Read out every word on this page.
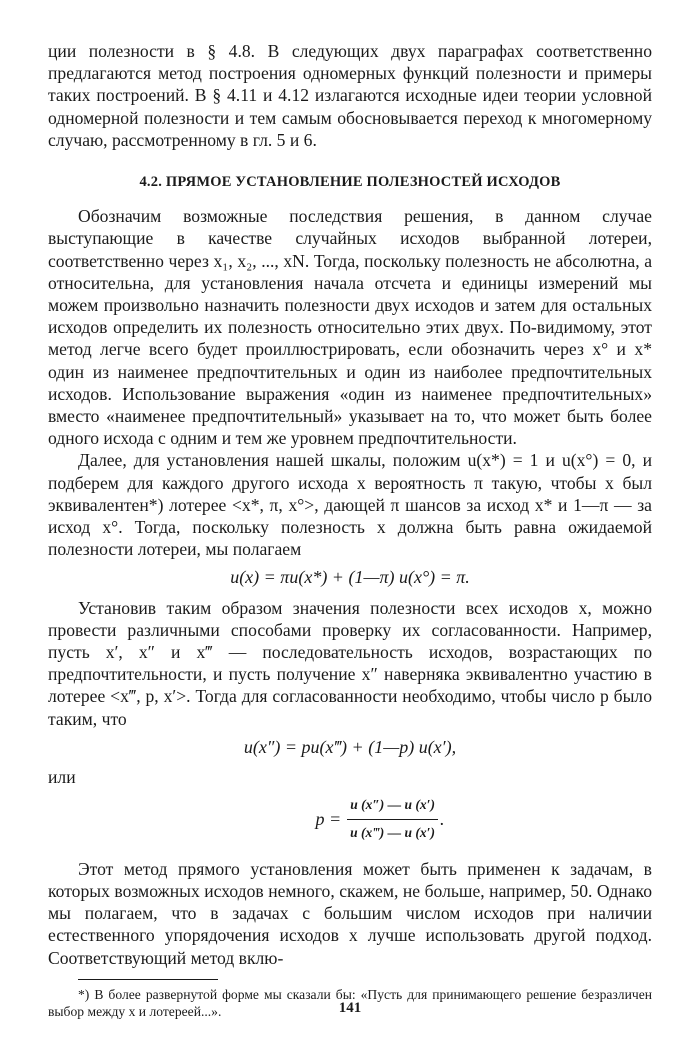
ции полезности в § 4.8. В следующих двух параграфах соответственно предлагаются метод построения одномерных функций полезности и примеры таких построений. В § 4.11 и 4.12 излагаются исходные идеи теории условной одномерной полезности и тем самым обосновывается переход к многомерному случаю, рассмотренному в гл. 5 и 6.

4.2. ПРЯМОЕ УСТАНОВЛЕНИЕ ПОЛЕЗНОСТЕЙ ИСХОДОВ

Обозначим возможные последствия решения, в данном случае выступающие в качестве случайных исходов выбранной лотереи, соответственно через x₁, x₂, ..., xN. Тогда, поскольку полезность не абсолютна, а относительна, для установления начала отсчета и единицы измерений мы можем произвольно назначить полезности двух исходов и затем для остальных исходов определить их полезность относительно этих двух. По-видимому, этот метод легче всего будет проиллюстрировать, если обозначить через x° и x* один из наименее предпочтительных и один из наиболее предпочтительных исходов. Использование выражения «один из наименее предпочтительных» вместо «наименее предпочтительный» указывает на то, что может быть более одного исхода с одним и тем же уровнем предпочтительности.

Далее, для установления нашей шкалы, положим u(x*) = 1 и u(x°) = 0, и подберем для каждого другого исхода x вероятность π такую, чтобы x был эквивалентен*) лотерее <x*, π, x°>, дающей π шансов за исход x* и 1—π — за исход x°. Тогда, поскольку полезность x должна быть равна ожидаемой полезности лотереи, мы полагаем

u(x) = πu(x*) + (1—π) u(x°) = π.

Установив таким образом значения полезности всех исходов x, можно провести различными способами проверку их согласованности. Например, пусть x′, x″ и x‴ — последовательность исходов, возрастающих по предпочтительности, и пусть получение x″ наверняка эквивалентно участию в лотерее <x‴, p, x′>. Тогда для согласованности необходимо, чтобы число p было таким, что

u(x″) = pu(x‴) + (1—p) u(x′),

или

$p = \frac{u (x'') — u (x')}{u (x‴) — u (x')}$ .

Этот метод прямого установления может быть применен к задачам, в которых возможных исходов немного, скажем, не больше, например, 50. Однако мы полагаем, что в задачах с большим числом исходов при наличии естественного упорядочения исходов x лучше использовать другой подход. Соответствующий метод вклю-

*) В более развернутой форме мы сказали бы: «Пусть для принимающего решение безразличен выбор между x и лотереей...».	141
